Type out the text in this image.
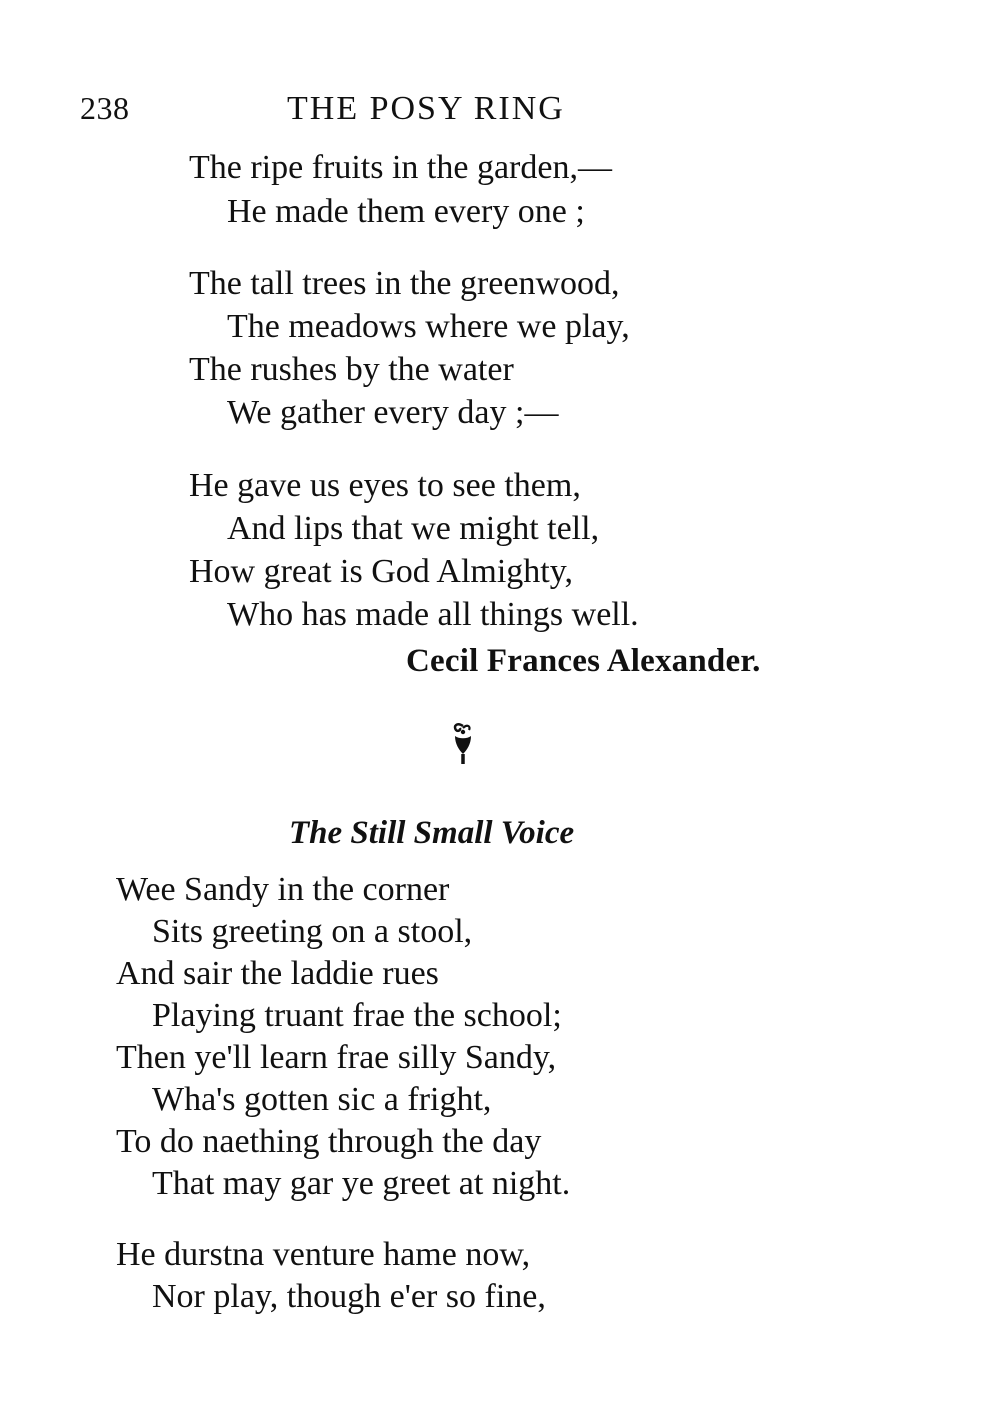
238	THE POSY RING
The ripe fruits in the garden,—
He made them every one ;
The tall trees in the greenwood,
The meadows where we play,
The rushes by the water
We gather every day ;—
He gave us eyes to see them,
And lips that we might tell,
How great is God Almighty,
Who has made all things well.
Cecil Frances Alexander.
The Still Small Voice
Wee Sandy in the corner
Sits greeting on a stool,
And sair the laddie rues
Playing truant frae the school;
Then ye'll learn frae silly Sandy,
Wha's gotten sic a fright,
To do naething through the day
That may gar ye greet at night.
He durstna venture hame now,
Nor play, though e'er so fine,
